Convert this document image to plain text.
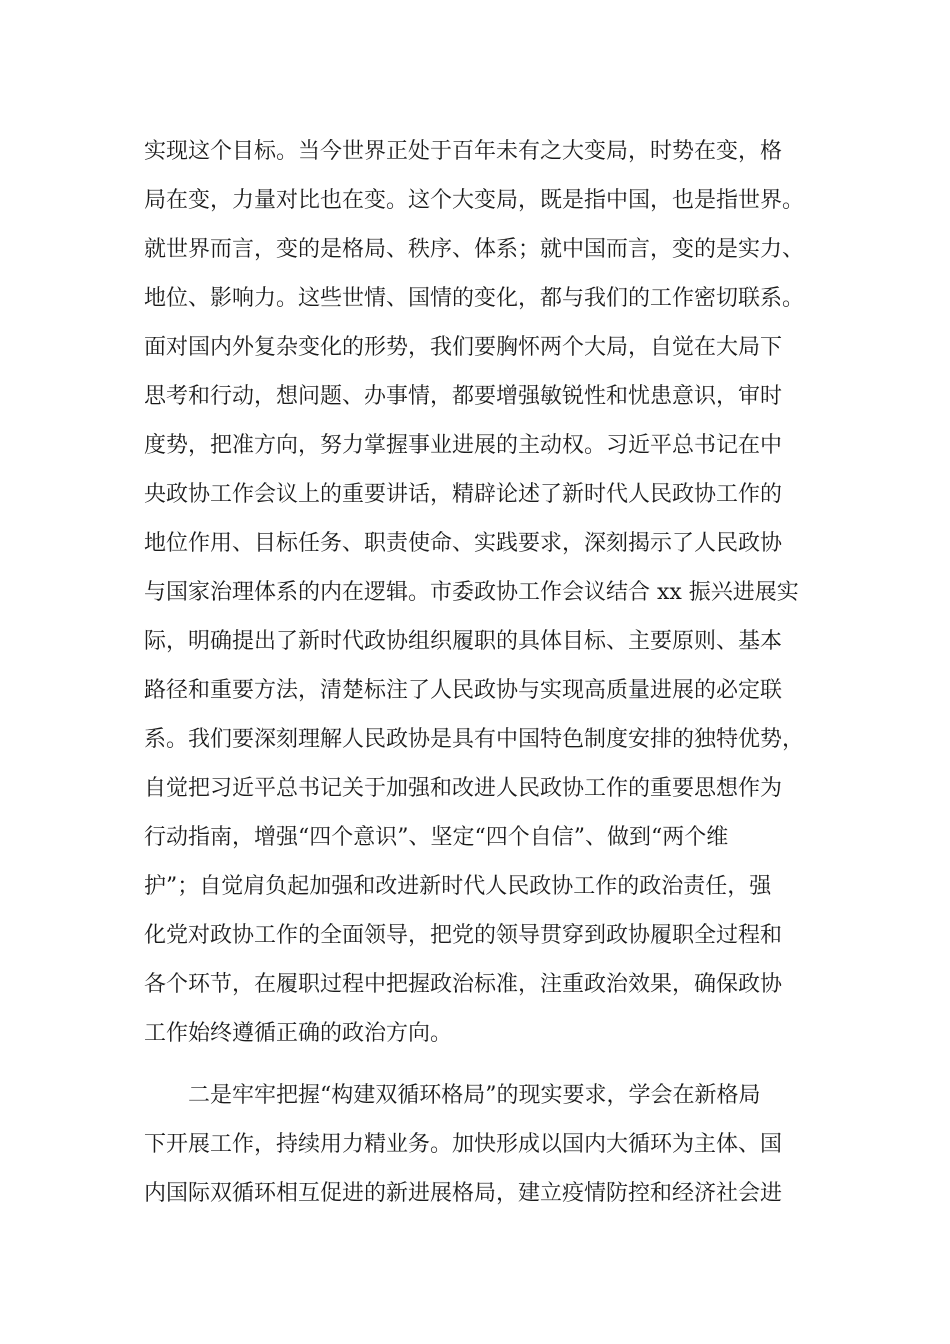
实现这个目标。当今世界正处于百年未有之大变局，时势在变，格
局在变，力量对比也在变。这个大变局，既是指中国，也是指世界。
就世界而言，变的是格局、秩序、体系；就中国而言，变的是实力、
地位、影响力。这些世情、国情的变化，都与我们的工作密切联系。
面对国内外复杂变化的形势，我们要胸怀两个大局，自觉在大局下
思考和行动，想问题、办事情，都要增强敏锐性和忧患意识，审时
度势，把准方向，努力掌握事业进展的主动权。习近平总书记在中
央政协工作会议上的重要讲话，精辟论述了新时代人民政协工作的
地位作用、目标任务、职责使命、实践要求，深刻揭示了人民政协
与国家治理体系的内在逻辑。市委政协工作会议结合 xx 振兴进展实
际，明确提出了新时代政协组织履职的具体目标、主要原则、基本
路径和重要方法，清楚标注了人民政协与实现高质量进展的必定联
系。我们要深刻理解人民政协是具有中国特色制度安排的独特优势，
自觉把习近平总书记关于加强和改进人民政协工作的重要思想作为
行动指南，增强“四个意识”、坚定“四个自信”、做到“两个维
护”；自觉肩负起加强和改进新时代人民政协工作的政治责任，强
化党对政协工作的全面领导，把党的领导贯穿到政协履职全过程和
各个环节，在履职过程中把握政治标准，注重政治效果，确保政协
工作始终遵循正确的政治方向。
二是牢牢把握“构建双循环格局”的现实要求，学会在新格局
下开展工作，持续用力精业务。加快形成以国内大循环为主体、国
内国际双循环相互促进的新进展格局，建立疫情防控和经济社会进
